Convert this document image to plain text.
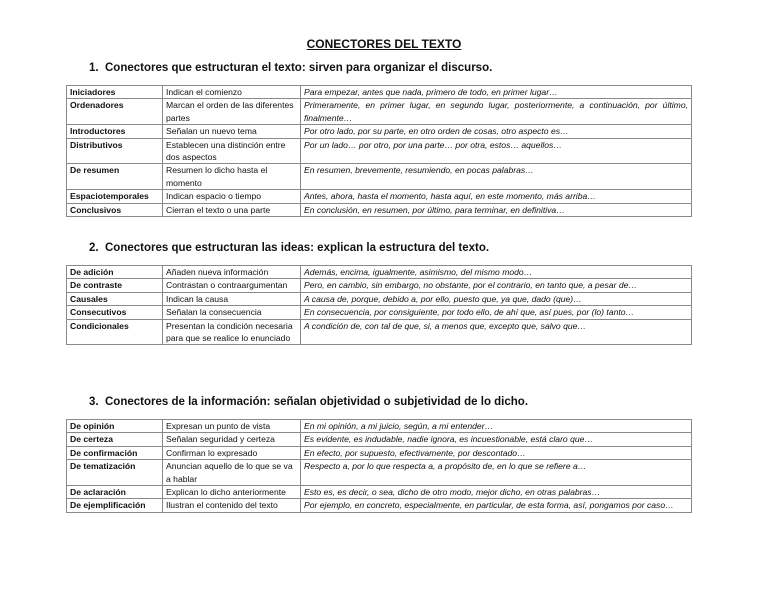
CONECTORES DEL TEXTO
1. Conectores que estructuran el texto: sirven para organizar el discurso.
Iniciadores	Indican el comienzo	Para empezar, antes que nada, primero de todo, en primer lugar…
Ordenadores	Marcan el orden de las diferentes partes	Primeramente, en primer lugar, en segundo lugar, posteriormente, a continuación, por último, finalmente…
Introductores	Señalan un nuevo tema	Por otro lado, por su parte, en otro orden de cosas, otro aspecto es…
Distributivos	Establecen una distinción entre dos aspectos	Por un lado… por otro, por una parte… por otra, estos… aquellos…
De resumen	Resumen lo dicho hasta el momento	En resumen, brevemente, resumiendo, en pocas palabras…
Espaciotemporales	Indican espacio o tiempo	Antes, ahora, hasta el momento, hasta aquí, en este momento, más arriba…
Conclusivos	Cierran el texto o una parte	En conclusión, en resumen, por último, para terminar, en definitiva…
2. Conectores que estructuran las ideas: explican la estructura del texto.
De adición	Añaden nueva información	Además, encima, igualmente, asimismo, del mismo modo…
De contraste	Contrastan o contraargumentan	Pero, en cambio, sin embargo, no obstante, por el contrario, en tanto que, a pesar de…
Causales	Indican la causa	A causa de, porque, debido a, por ello, puesto que, ya que, dado (que)…
Consecutivos	Señalan la consecuencia	En consecuencia, por consiguiente, por todo ello, de ahí que, así pues, por (lo) tanto…
Condicionales	Presentan la condición necesaria para que se realice lo enunciado	A condición de, con tal de que, si, a menos que, excepto que, salvo que…
3. Conectores de la información: señalan objetividad o subjetividad de lo dicho.
De opinión	Expresan un punto de vista	En mi opinión, a mi juicio, según, a mi entender…
De certeza	Señalan seguridad y certeza	Es evidente, es indudable, nadie ignora, es incuestionable, está claro que…
De confirmación	Confirman lo expresado	En efecto, por supuesto, efectivamente, por descontado…
De tematización	Anuncian aquello de lo que se va a hablar	Respecto a, por lo que respecta a, a propósito de, en lo que se refiere a…
De aclaración	Explican lo dicho anteriormente	Esto es, es decir, o sea, dicho de otro modo, mejor dicho, en otras palabras…
De ejemplificación	Ilustran el contenido del texto	Por ejemplo, en concreto, especialmente, en particular, de esta forma, así, pongamos por caso…
